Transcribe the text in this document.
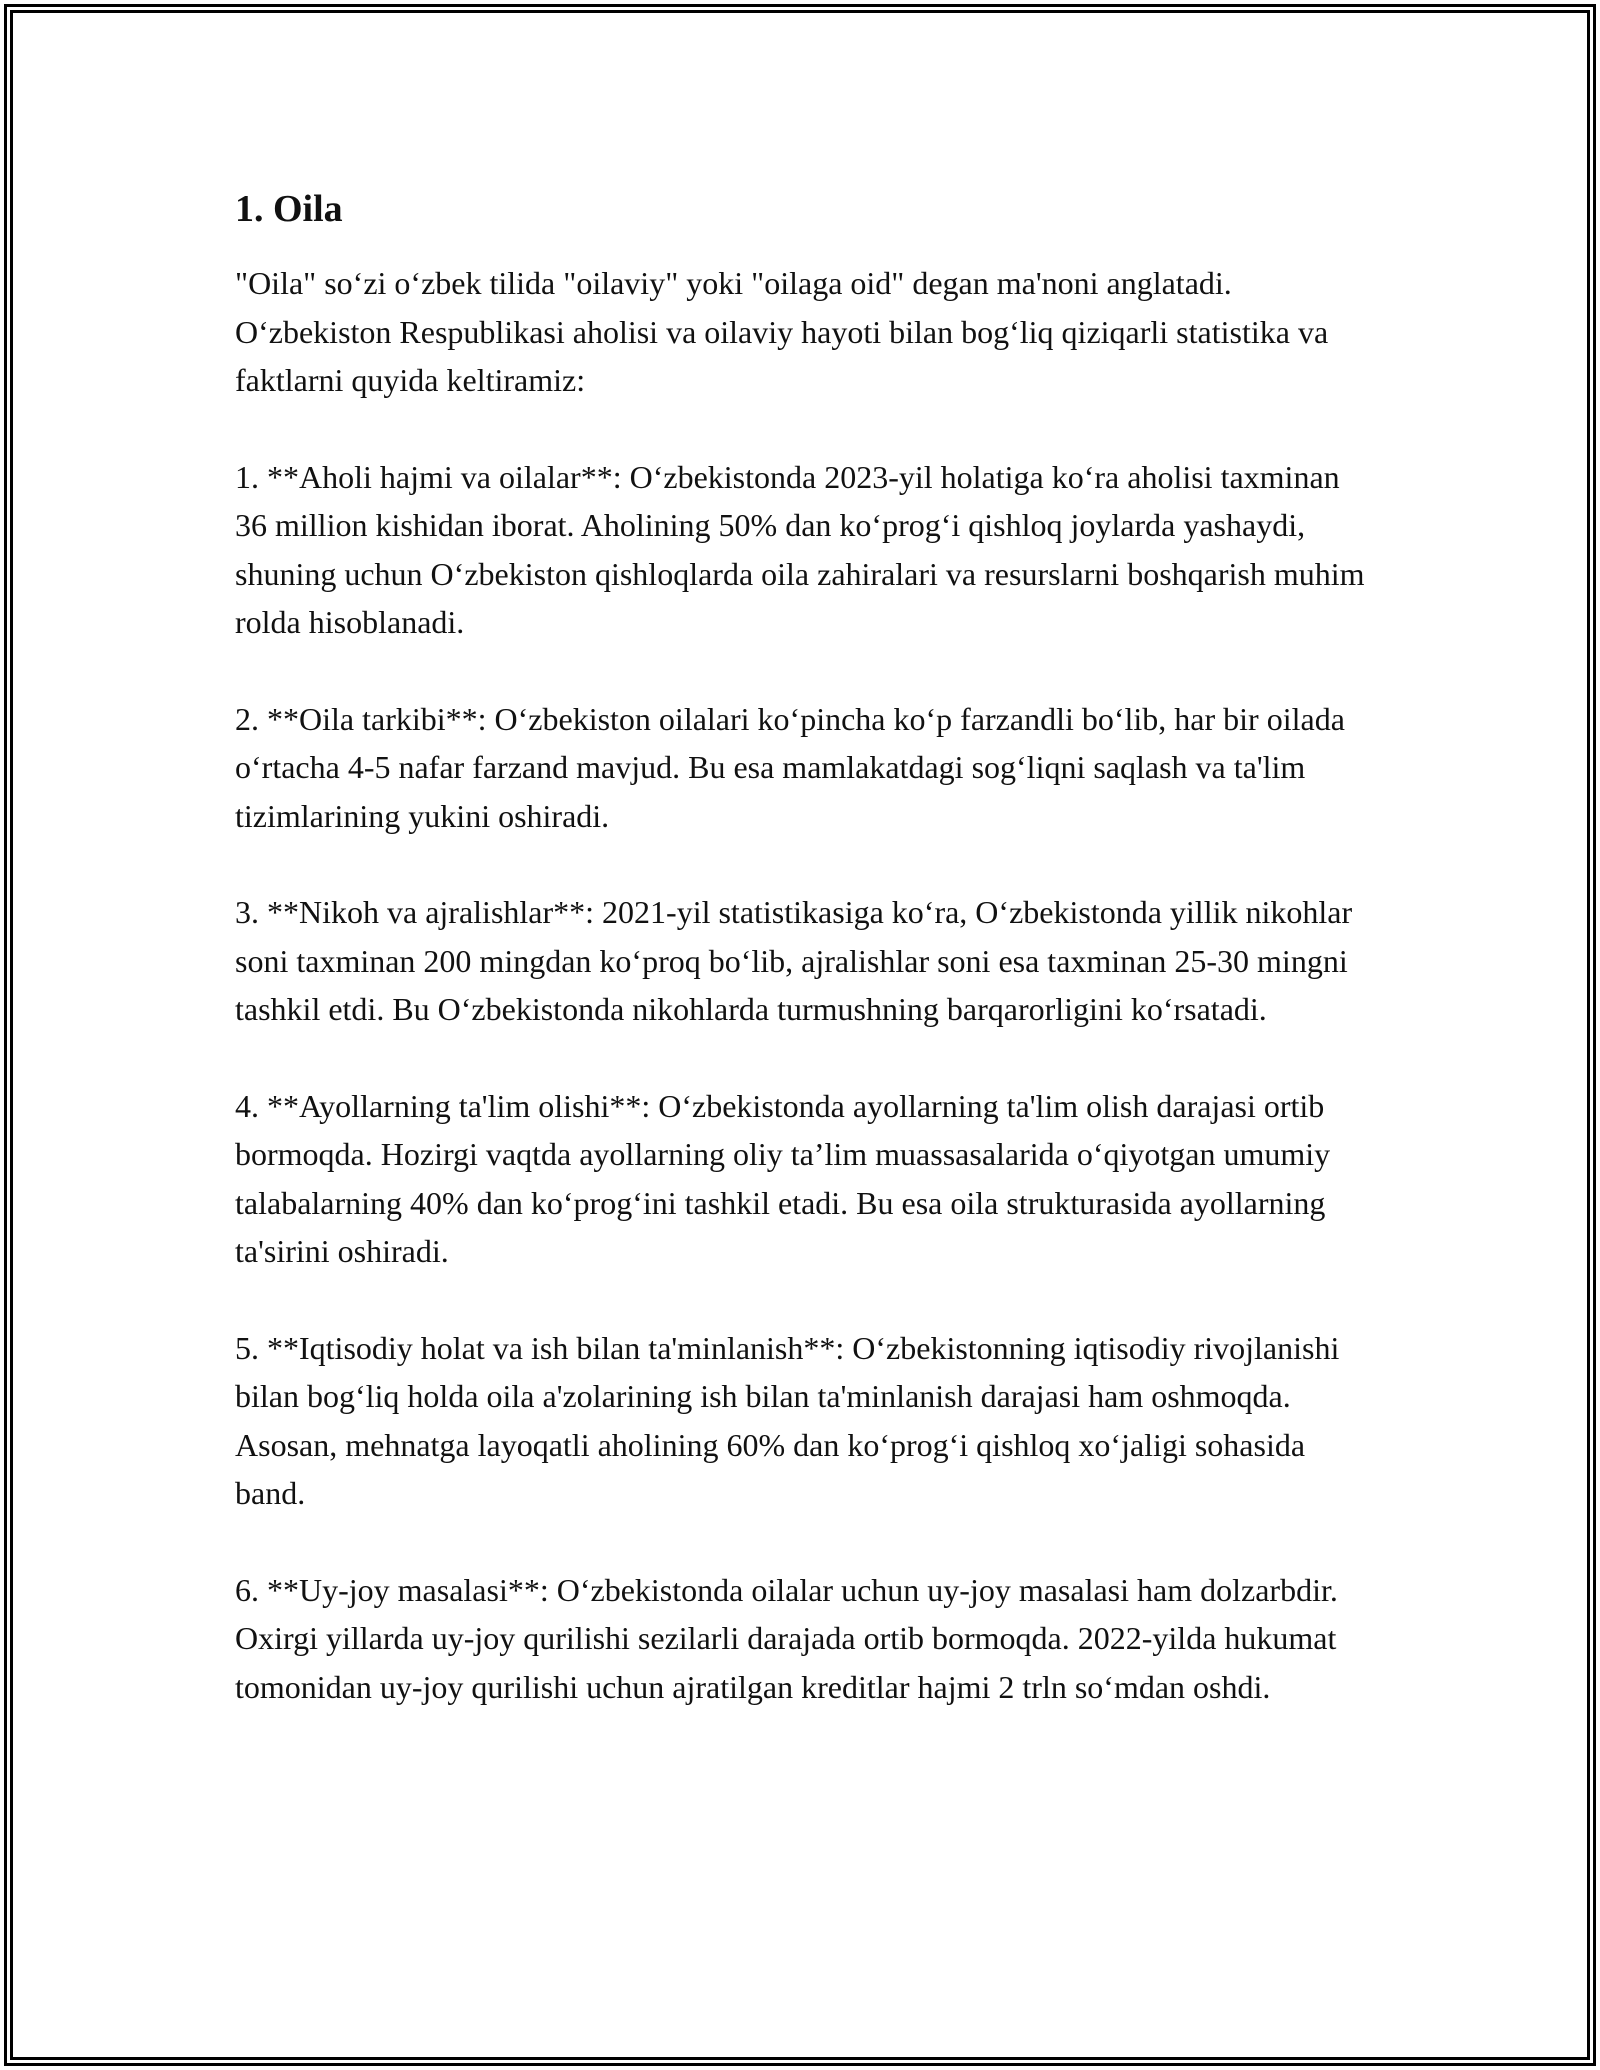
1. Oila

"Oila" so‘zi o‘zbek tilida "oilaviy" yoki "oilaga oid" degan ma'noni anglatadi. O‘zbekiston Respublikasi aholisi va oilaviy hayoti bilan bog‘liq qiziqarli statistika va faktlarni quyida keltiramiz:

1. **Aholi hajmi va oilalar**: O‘zbekistonda 2023-yil holatiga ko‘ra aholisi taxminan 36 million kishidan iborat. Aholining 50% dan ko‘prog‘i qishloq joylarda yashaydi, shuning uchun O‘zbekiston qishloqlarda oila zahiralari va resurslarni boshqarish muhim rolda hisoblanadi.

2. **Oila tarkibi**: O‘zbekiston oilalari ko‘pincha ko‘p farzandli bo‘lib, har bir oilada o‘rtacha 4-5 nafar farzand mavjud. Bu esa mamlakatdagi sog‘liqni saqlash va ta'lim tizimlarining yukini oshiradi.

3. **Nikoh va ajralishlar**: 2021-yil statistikasiga ko‘ra, O‘zbekistonda yillik nikohlar soni taxminan 200 mingdan ko‘proq bo‘lib, ajralishlar soni esa taxminan 25-30 mingni tashkil etdi. Bu O‘zbekistonda nikohlarda turmushning barqarorligini ko‘rsatadi.

4. **Ayollarning ta'lim olishi**: O‘zbekistonda ayollarning ta'lim olish darajasi ortib bormoqda. Hozirgi vaqtda ayollarning oliy ta’lim muassasalarida o‘qiyotgan umumiy talabalarning 40% dan ko‘prog‘ini tashkil etadi. Bu esa oila strukturasida ayollarning ta'sirini oshiradi.

5. **Iqtisodiy holat va ish bilan ta'minlanish**: O‘zbekistonning iqtisodiy rivojlanishi bilan bog‘liq holda oila a'zolarining ish bilan ta'minlanish darajasi ham oshmoqda. Asosan, mehnatga layoqatli aholining 60% dan ko‘prog‘i qishloq xo‘jaligi sohasida band.

6. **Uy-joy masalasi**: O‘zbekistonda oilalar uchun uy-joy masalasi ham dolzarbdir. Oxirgi yillarda uy-joy qurilishi sezilarli darajada ortib bormoqda. 2022-yilda hukumat tomonidan uy-joy qurilishi uchun ajratilgan kreditlar hajmi 2 trln so‘mdan oshdi.
